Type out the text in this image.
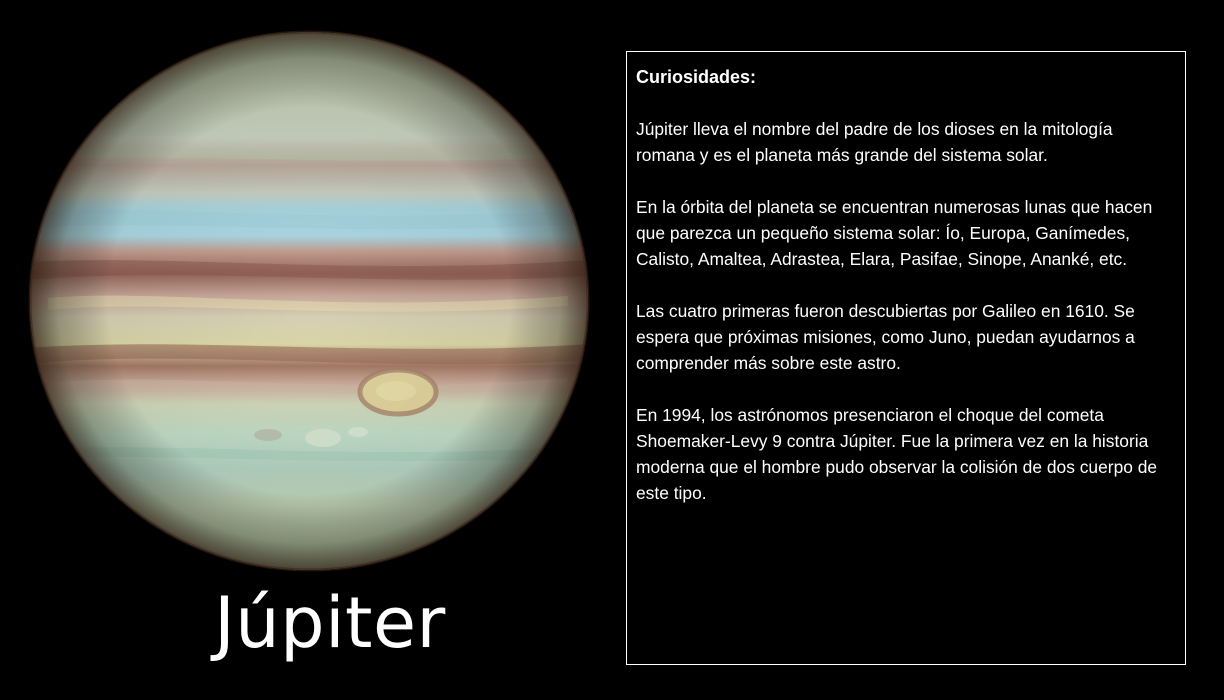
Júpiter

Curiosidades:

Júpiter lleva el nombre del padre de los dioses en la mitología romana y es el planeta más grande del sistema solar.

En la órbita del planeta se encuentran numerosas lunas que hacen que parezca un pequeño sistema solar: Ío, Europa, Ganímedes, Calisto, Amaltea, Adrastea, Elara, Pasifae, Sinope, Ananké, etc.

Las cuatro primeras fueron descubiertas por Galileo en 1610. Se espera que próximas misiones, como Juno, puedan ayudarnos a comprender más sobre este astro.

En 1994, los astrónomos presenciaron el choque del cometa Shoemaker-Levy 9 contra Júpiter. Fue la primera vez en la historia moderna que el hombre pudo observar la colisión de dos cuerpo de este tipo.
